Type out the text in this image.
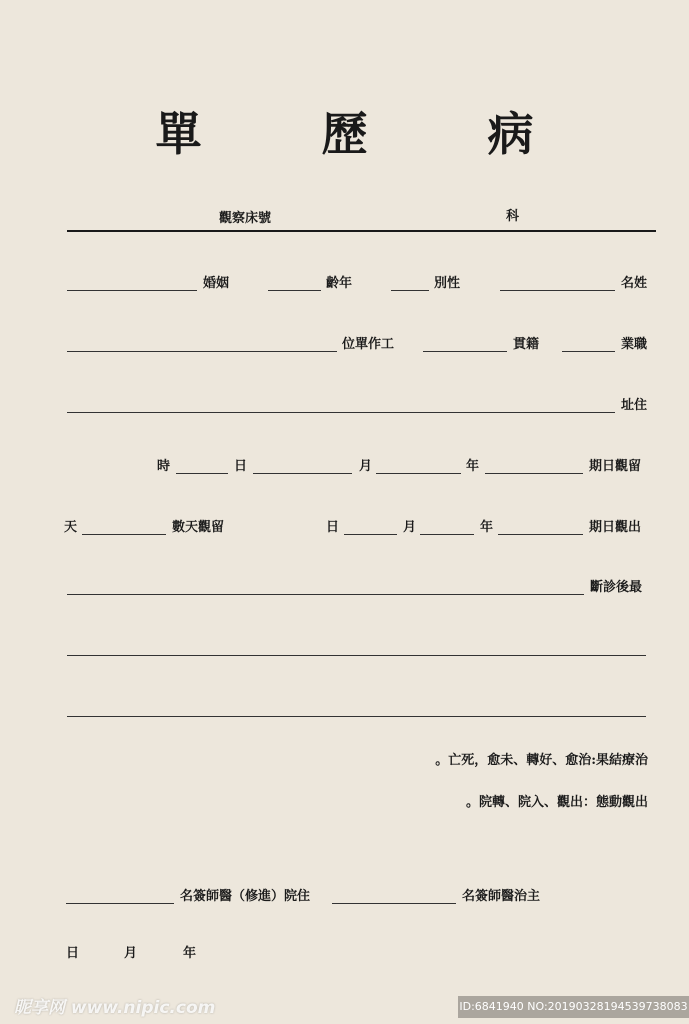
單 歷 病
觀察床號	科
婚姻	齡年	別性	名姓
位單作工	貫籍	業職
址住
時	日	月	年	期日觀留
天	數天觀留	日	月	年	期日觀出
斷診後最
。亡死，愈未、轉好、愈治:果結療治
。院轉、院入、觀出：態動觀出
名簽師醫（修進）院住	名簽師醫治主
日	月	年
昵享网 www.nipic.com	ID:6841940 NO:20190328194539738083
